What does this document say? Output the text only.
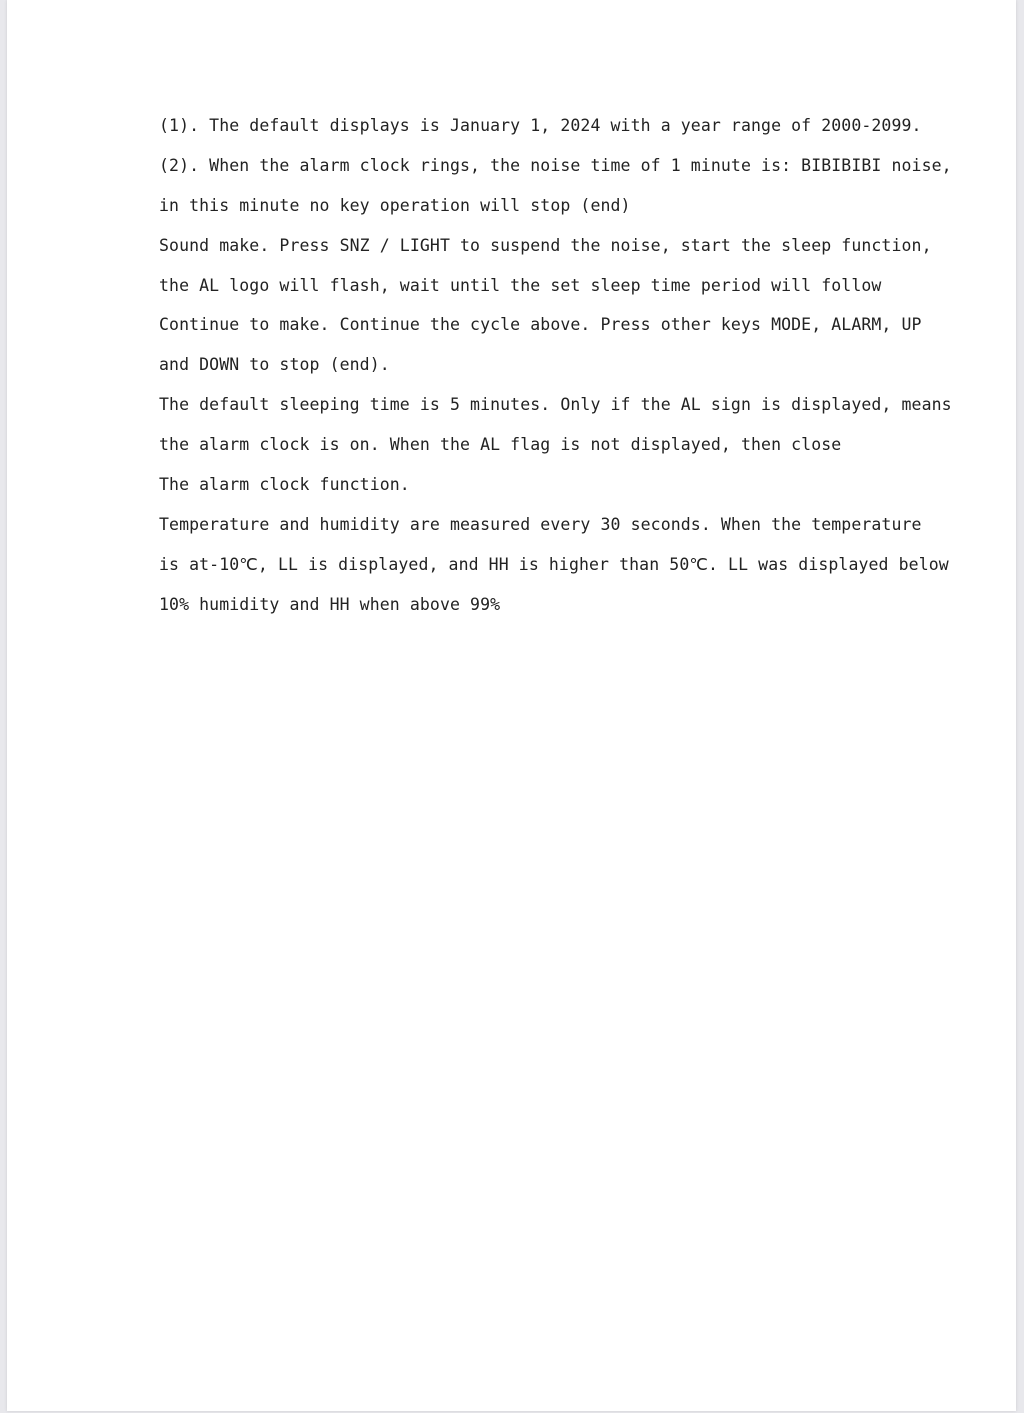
(1). The default displays is January 1, 2024 with a year range of 2000-2099.
(2). When the alarm clock rings, the noise time of 1 minute is: BIBIBIBI noise,
in this minute no key operation will stop (end)
Sound make. Press SNZ / LIGHT to suspend the noise, start the sleep function,
the AL logo will flash, wait until the set sleep time period will follow
Continue to make. Continue the cycle above. Press other keys MODE, ALARM, UP
and DOWN to stop (end).
The default sleeping time is 5 minutes. Only if the AL sign is displayed, means
the alarm clock is on. When the AL flag is not displayed, then close
The alarm clock function.
Temperature and humidity are measured every 30 seconds. When the temperature
is at-10℃, LL is displayed, and HH is higher than 50℃. LL was displayed below
10% humidity and HH when above 99%
